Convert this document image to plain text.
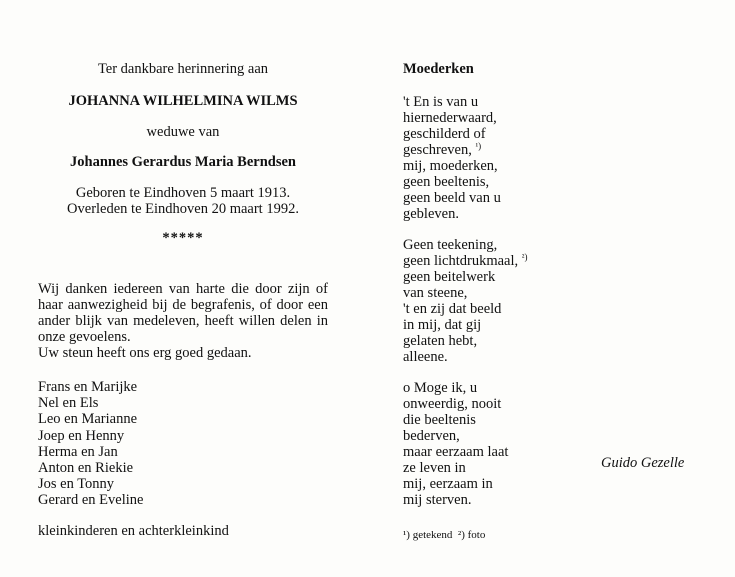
Ter dankbare herinnering aan

JOHANNA WILHELMINA WILMS

weduwe van

Johannes Gerardus Maria Berndsen

Geboren te Eindhoven 5 maart 1913.
Overleden te Eindhoven 20 maart 1992.

*****

Wij danken iedereen van harte die door zijn of
haar aanwezigheid bij de begrafenis, of door een
ander blijk van medeleven, heeft willen delen in
onze gevoelens.

Uw steun heeft ons erg goed gedaan.

Frans en Marijke
Nel en Els
Leo en Marianne
Joep en Henny
Herma en Jan
Anton en Riekie
Jos en Tonny
Gerard en Eveline

kleinkinderen en achterkleinkind

Moederken

't En is van u
hiernederwaard,
geschilderd of
geschreven, $^{^1)}$
mij, moederken,
geen beeltenis,
geen beeld van u
gebleven.
Geen teekening,
geen lichtdrukmaal, $^{^2)}$
geen beitelwerk
van steene,
't en zij dat beeld
in mij, dat gij
gelaten hebt,
alleene.
o Moge ik, u
onweerdig, nooit
die beeltenis
bederven,
maar eerzaam laat
ze leven in
mij, eerzaam in
mij sterven.
¹) getekend ²) foto
Guido Gezelle
